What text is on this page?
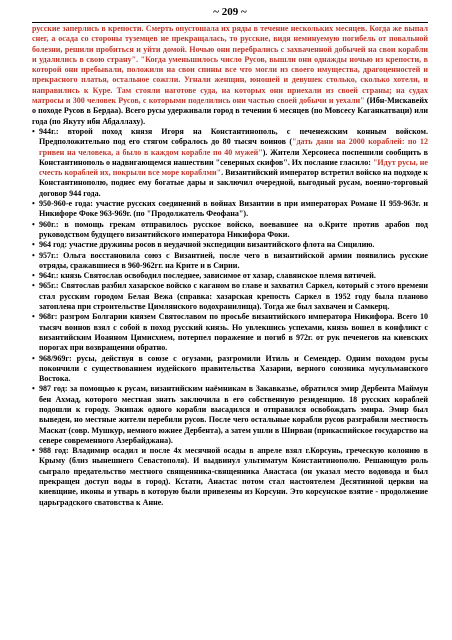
~ 209 ~

русские заперлись в крепости. Смерть опустошала их ряды в течение нескольких месяцев. Когда же выпал снег, а осада со стороны туземцев не прекращалась, то русские, видя неминуемую погибель от повальной болезни, решили пробиться и уйти домой. Ночью они перебрались с захваченной добычей на свои корабли и удалились в свою страну". "Когда уменьшилось число Русов, вышли они однажды ночью из крепости, в которой они пребывали, положили на свои спины все что могли из своего имущества, драгоценностей и прекрасного платья, остальное сожгли. Угнали женщин, юношей и девушек столько, сколько хотели, и направились к Куре. Там стояли наготове суда, на которых они приехали из своей страны; на судах матросы и 300 человек Русов, с которыми поделились они частью своей добычи и уехали" (Ибн-Мискавейх о походе Русов в Бердаа). Всего русы удерживали город в течении 6 месяцев (по Мовсесу Каганкатваци) или года (по Якуту ибн Абдаллаху).

• 944г.: второй поход князя Игоря на Константинополь, с печенежским конным войском. Предположительно под его стягом собралось до 80 тысяч воинов ("дать дани на 2000 кораблей: по 12 гривен на человека, а было в каждом корабле по 40 мужей"). Жители Херсонеса поспешили сообщить в Константинополь о надвигающемся нашествии "северных скифов". Их послание гласило: "Идут русы, не счесть кораблей их, покрыли все море кораблми". Византийский император встретил войско на подходе к Константинополю, поднес ему богатые дары и заключил очередной, выгодный русам, военно-торговый договор 944 года.
• 950-960-е года: участие русских соединений в войнах Византии в при императорах Романе II 959-963г. и Никифоре Фоке 963-969г. (по "Продолжатель Феофана").
• 960г.: в помощь грекам отправилось русское войско, воевавшее на о.Крите против арабов под руководством будущего византийского императора Никифора Фоки.
• 964 год: участие дружины росов в неудачной экспедиции византийского флота на Сицилию.
• 957г.: Ольга восстановила союз с Византией, после чего в византийской армии появились русские отряды, сражавшиеся в 960-962гг. на Крите и в Сирии.
• 964г.: князь Святослав освободил последнее, зависимое от хазар, славянское племя вятичей.
• 965г.: Святослав разбил хазарское войско с каганом во главе и захватил Саркел, который с этого времени стал русским городом Белая Вежа (справка: хазарская крепость Саркел в 1952 году была планово затоплена при строительстве Цимлянского водохранилища). Тогда же был захвачен и Самкерц.
• 968г: разгром Болгарии князем Святославом по просьбе византийского императора Никифора. Всего 10 тысяч воинов взял с собой в поход русский князь. Но увлекшись успехами, князь вошел в конфликт с византийским Иоанном Цимисхием, потерпел поражение и погиб в 972г. от рук печенегов на киевских порогах при возвращении обратно.
• 968/969г: русы, действуя в союзе с огузами, разгромили Итиль и Семендер. Одним походом русы покончили с существованием иудейского правительства Хазарии, верного союзника мусульманского Востока.
• 987 год: за помощью к русам, византийским наёмникам в Закавказье, обратился эмир Дербента Маймун бен Ахмад, которого местная знать заключила в его собственную резиденцию. 18 русских кораблей подошли к городу. Экипаж одного корабли высадился и отправился освобождать эмира. Эмир был выведен, но местные жители перебили русов. После чего остальные корабли русов разграбили местность Маскат (совр. Мушкур, немного южнее Дербента), а затем ушли в Ширван (прикаспийское государство на севере современного Азербайджана).
• 988 год: Владимир осадил и после 4х месячной осады в апреле взял г.Корсунь, греческую колонию в Крыму (близ нынешнего Севастополя). И выдвинул ультиматум Константинополю. Решающую роль сыграло предательство местного священника-священника Анастаса (он указал место водовода и был прекращен доступ воды в город). Кстати, Анастас потом стал настоятелем Десятинной церкви на киевщине, иконы и утварь в которую были привезены из Корсуни. Это корсунское взятие - продолжение царьградского сватовства к Анне.
